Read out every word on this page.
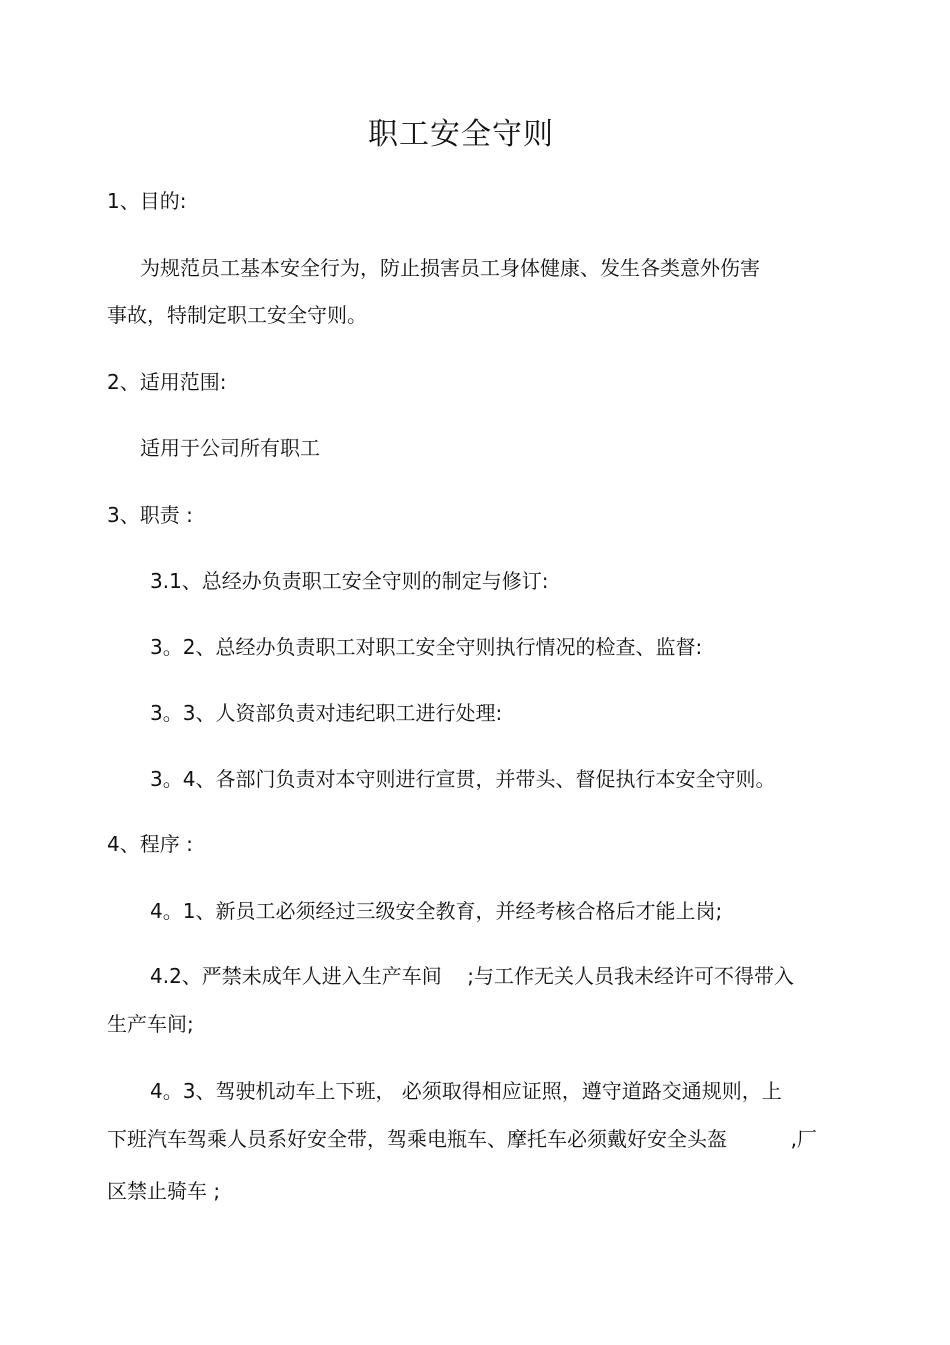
职工安全守则
1、目的:
为规范员工基本安全行为，防止损害员工身体健康、发生各类意外伤害
事故，特制定职工安全守则。
2、适用范围:
适用于公司所有职工
3、职责 :
3.1、总经办负责职工安全守则的制定与修订:
3。2、总经办负责职工对职工安全守则执行情况的检查、监督:
3。3、人资部负责对违纪职工进行处理:
3。4、各部门负责对本守则进行宣贯，并带头、督促执行本安全守则。
4、程序 :
4。1、新员工必须经过三级安全教育，并经考核合格后才能上岗;
4.2、严禁未成年人进入生产车间    ;与工作无关人员我未经许可不得带入
生产车间;
4。3、驾驶机动车上下班， 必须取得相应证照，遵守道路交通规则，上
下班汽车驾乘人员系好安全带，驾乘电瓶车、摩托车必须戴好安全头盔          ,厂
区禁止骑车 ;
